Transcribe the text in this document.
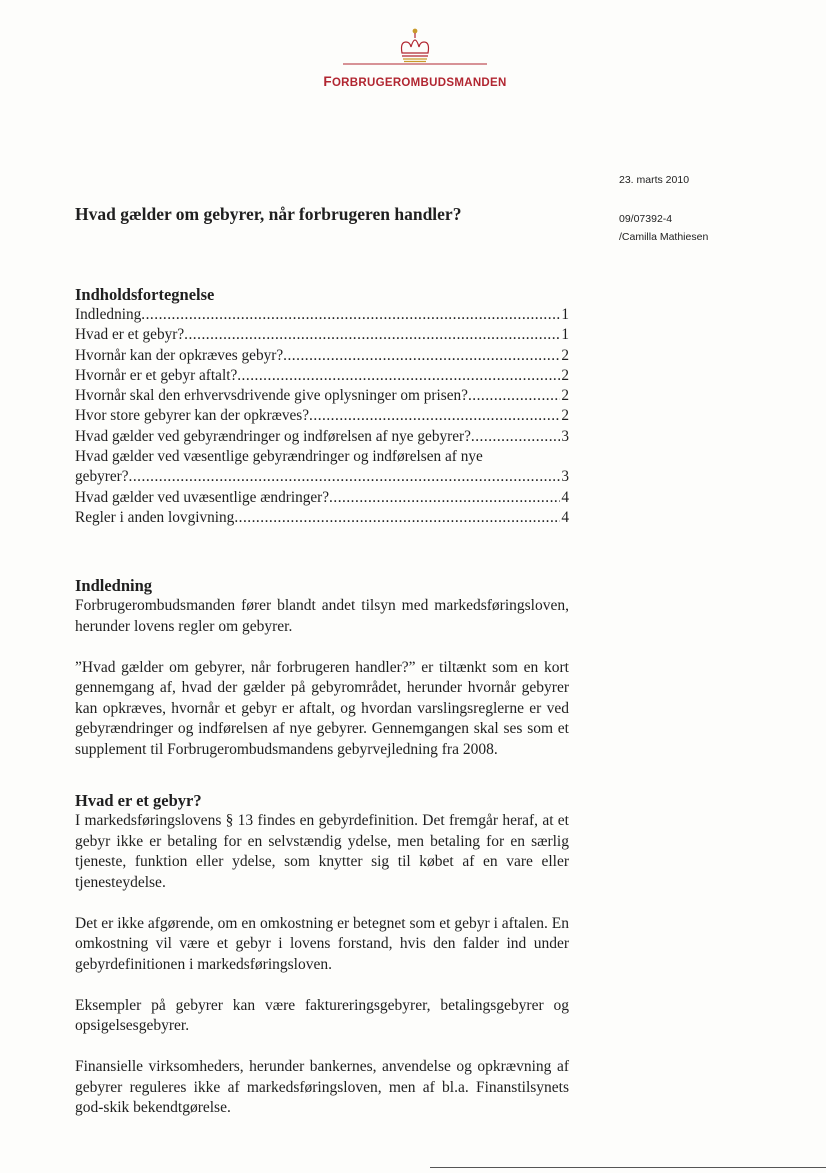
FORBRUGEROMBUDSMANDEN
23. marts 2010
09/07392-4
/Camilla Mathiesen
Hvad gælder om gebyrer, når forbrugeren handler?
Indholdsfortegnelse
Indledning .....	1
Hvad er et gebyr? .....	1
Hvornår kan der opkræves gebyr? .....	2
Hvornår er et gebyr aftalt? .....	2
Hvornår skal den erhvervsdrivende give oplysninger om prisen? .....	2
Hvor store gebyrer kan der opkræves? .....	2
Hvad gælder ved gebyrændringer og indførelsen af nye gebyrer? .....	3
Hvad gælder ved væsentlige gebyrændringer og indførelsen af nye
gebyrer? .....	3
Hvad gælder ved uvæsentlige ændringer? .....	4
Regler i anden lovgivning .....	4
Indledning

Forbrugerombudsmanden fører blandt andet tilsyn med markedsføringsloven, herunder lovens regler om gebyrer.

”Hvad gælder om gebyrer, når forbrugeren handler?” er tiltænkt som en kort gennemgang af, hvad der gælder på gebyrområdet, herunder hvornår gebyrer kan opkræves, hvornår et gebyr er aftalt, og hvordan varslingsreglerne er ved gebyrændringer og indførelsen af nye gebyrer. Gennemgangen skal ses som et supplement til Forbrugerombudsmandens gebyrvejledning fra 2008.

Hvad er et gebyr?

I markedsføringslovens § 13 findes en gebyrdefinition. Det fremgår heraf, at et gebyr ikke er betaling for en selvstændig ydelse, men betaling for en særlig tjeneste, funktion eller ydelse, som knytter sig til købet af en vare eller tjenesteydelse.

Det er ikke afgørende, om en omkostning er betegnet som et gebyr i aftalen. En omkostning vil være et gebyr i lovens forstand, hvis den falder ind under gebyrdefinitionen i markedsføringsloven.

Eksempler på gebyrer kan være faktureringsgebyrer, betalingsgebyrer og opsigelsesgebyrer.

Finansielle virksomheders, herunder bankernes, anvendelse og opkrævning af gebyrer reguleres ikke af markedsføringsloven, men af bl.a. Finanstilsynets god-skik bekendtgørelse.
